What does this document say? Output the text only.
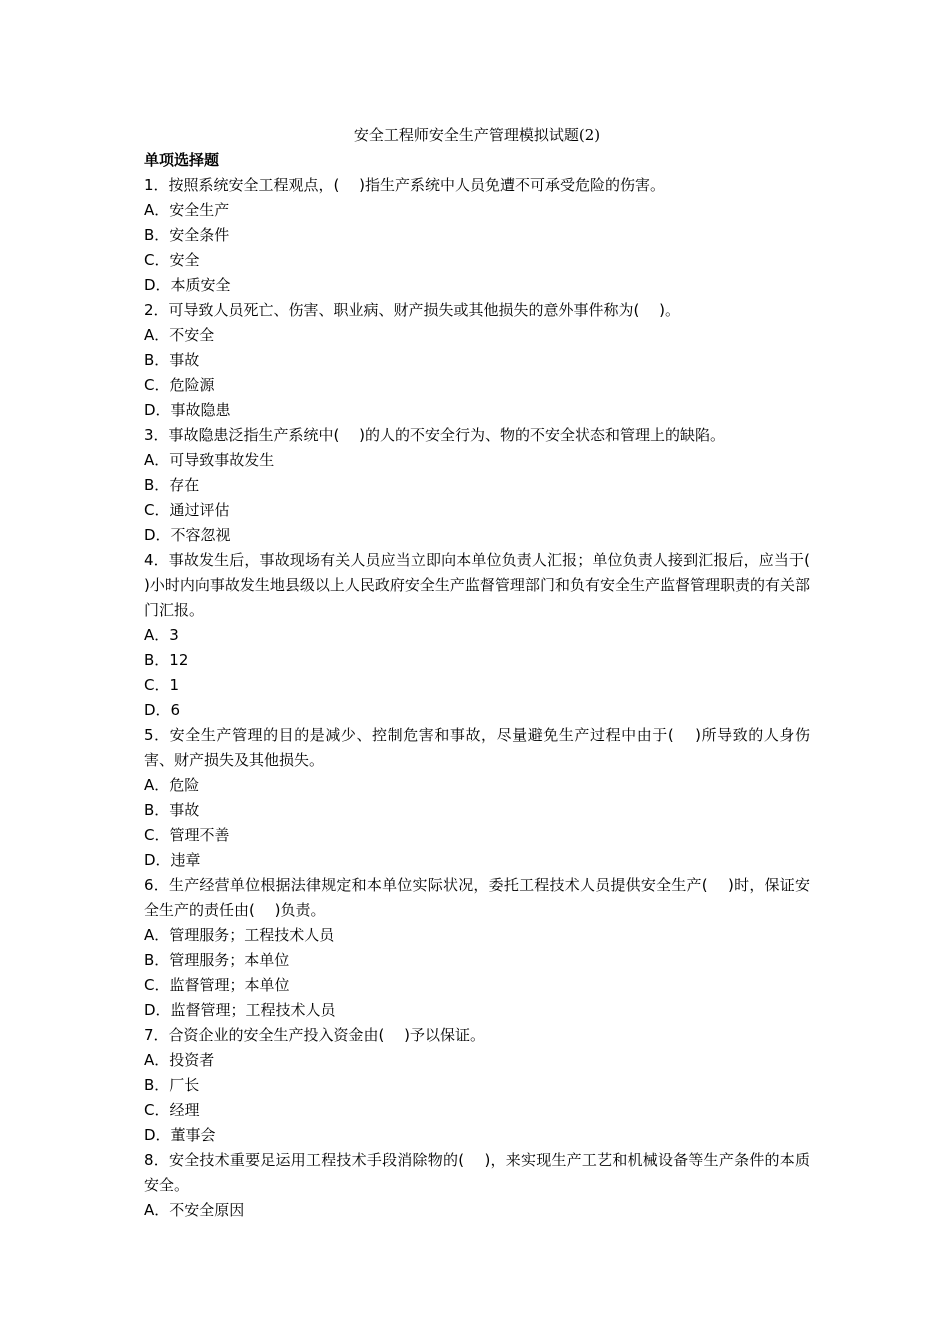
安全工程师安全生产管理模拟试题(2)
单项选择题
1．按照系统安全工程观点，(　 )指生产系统中人员免遭不可承受危险的伤害。
A．安全生产
B．安全条件
C．安全
D．本质安全
2．可导致人员死亡、伤害、职业病、财产损失或其他损失的意外事件称为(　 )。
A．不安全
B．事故
C．危险源
D．事故隐患
3．事故隐患泛指生产系统中(　 )的人的不安全行为、物的不安全状态和管理上的缺陷。
A．可导致事故发生
B．存在
C．通过评估
D．不容忽视
4．事故发生后，事故现场有关人员应当立即向本单位负责人汇报；单位负责人接到汇报后，应当于(　 )小时内向事故发生地县级以上人民政府安全生产监督管理部门和负有安全生产监督管理职责的有关部门汇报。
A．3
B．12
C．1
D．6
5．安全生产管理的目的是减少、控制危害和事故，尽量避免生产过程中由于(　 )所导致的人身伤害、财产损失及其他损失。
A．危险
B．事故
C．管理不善
D．违章
6．生产经营单位根据法律规定和本单位实际状况，委托工程技术人员提供安全生产(　 )时，保证安全生产的责任由(　 )负责。
A．管理服务；工程技术人员
B．管理服务；本单位
C．监督管理；本单位
D．监督管理；工程技术人员
7．合资企业的安全生产投入资金由(　 )予以保证。
A．投资者
B．厂长
C．经理
D．董事会
8．安全技术重要足运用工程技术手段消除物的(　 )，来实现生产工艺和机械设备等生产条件的本质安全。
A．不安全原因
